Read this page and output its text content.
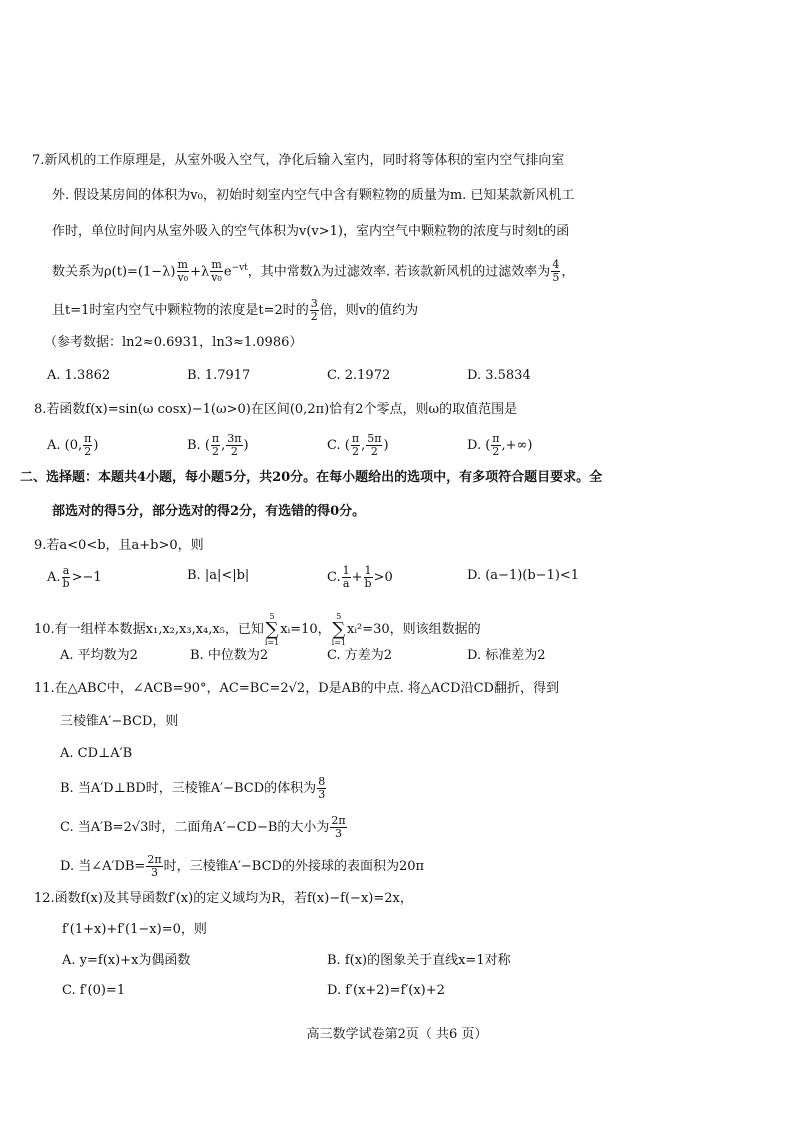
7.新风机的工作原理是，从室外吸入空气，净化后输入室内，同时将等体积的室内空气排向室
外. 假设某房间的体积为v₀，初始时刻室内空气中含有颗粒物的质量为m. 已知某款新风机工
作时，单位时间内从室外吸入的空气体积为v(v>1)，室内空气中颗粒物的浓度与时刻t的函
数关系为$\rho(t)=(1-\lambda) \frac{m}{\text{v₀}} +\lambda \frac{m}{\text{v₀}} e^{-vt}$，其中常数λ为过滤效率. 若该款新风机的过滤效率为 $\frac{4}{5}$ ，
且t=1时室内空气中颗粒物的浓度是t=2时的 $\frac{3}{2}$ 倍，则v的值约为
（参考数据：ln2≈0.6931，ln3≈1.0986）
A. 1.3862	B. 1.7917	C. 2.1972	D. 3.5834
8.若函数f(x)=sin(ω cosx)−1(ω>0)在区间(0,2π)恰有2个零点，则ω的取值范围是
A. (0, $\frac{\pi}{2}$ )	B. ( $\frac{\pi}{2}$ , $\frac{3\pi}{2}$ )	C. ( $\frac{\pi}{2}$ , $\frac{5\pi}{2}$ )	D. ( $\frac{\pi}{2}$ ,+∞)
二、选择题：本题共4小题，每小题5分，共20分。在每小题给出的选项中，有多项符合题目要求。全
部选对的得5分，部分选对的得2分，有选错的得0分。
9.若a<0<b，且a+b>0，则
A. $\frac{a}{b} >-1$	B. |a|<|b|	C. $\frac{1}{a} + \frac{1}{b} >0$	D. (a−1)(b−1)<1
10.有一组样本数据x₁,x₂,x₃,x₄,x₅，已知
5
∑
i=1
xᵢ=10，
5
∑
i=1
xᵢ²=30，则该组数据的
A. 平均数为2	B. 中位数为2	C. 方差为2	D. 标准差为2
11.在△ABC中，∠ACB=90°，AC=BC=2√2，D是AB的中点. 将△ACD沿CD翻折，得到
三棱锥A′−BCD，则
A. CD⊥A′B
B. 当A′D⊥BD时，三棱锥A′−BCD的体积为 $\frac{8}{3}$
C. 当A′B=2√3时，二面角A′−CD−B的大小为 $\frac{2\pi}{3}$
D. 当∠A′DB= $\frac{2\pi}{3}$ 时，三棱锥A′−BCD的外接球的表面积为20π
12.函数f(x)及其导函数f′(x)的定义域均为R，若f(x)−f(−x)=2x，
f′(1+x)+f′(1−x)=0，则
A. y=f(x)+x为偶函数	B. f(x)的图象关于直线x=1对称
C. f′(0)=1	D. f′(x+2)=f′(x)+2
高三数学试卷第2页（ 共6 页）
